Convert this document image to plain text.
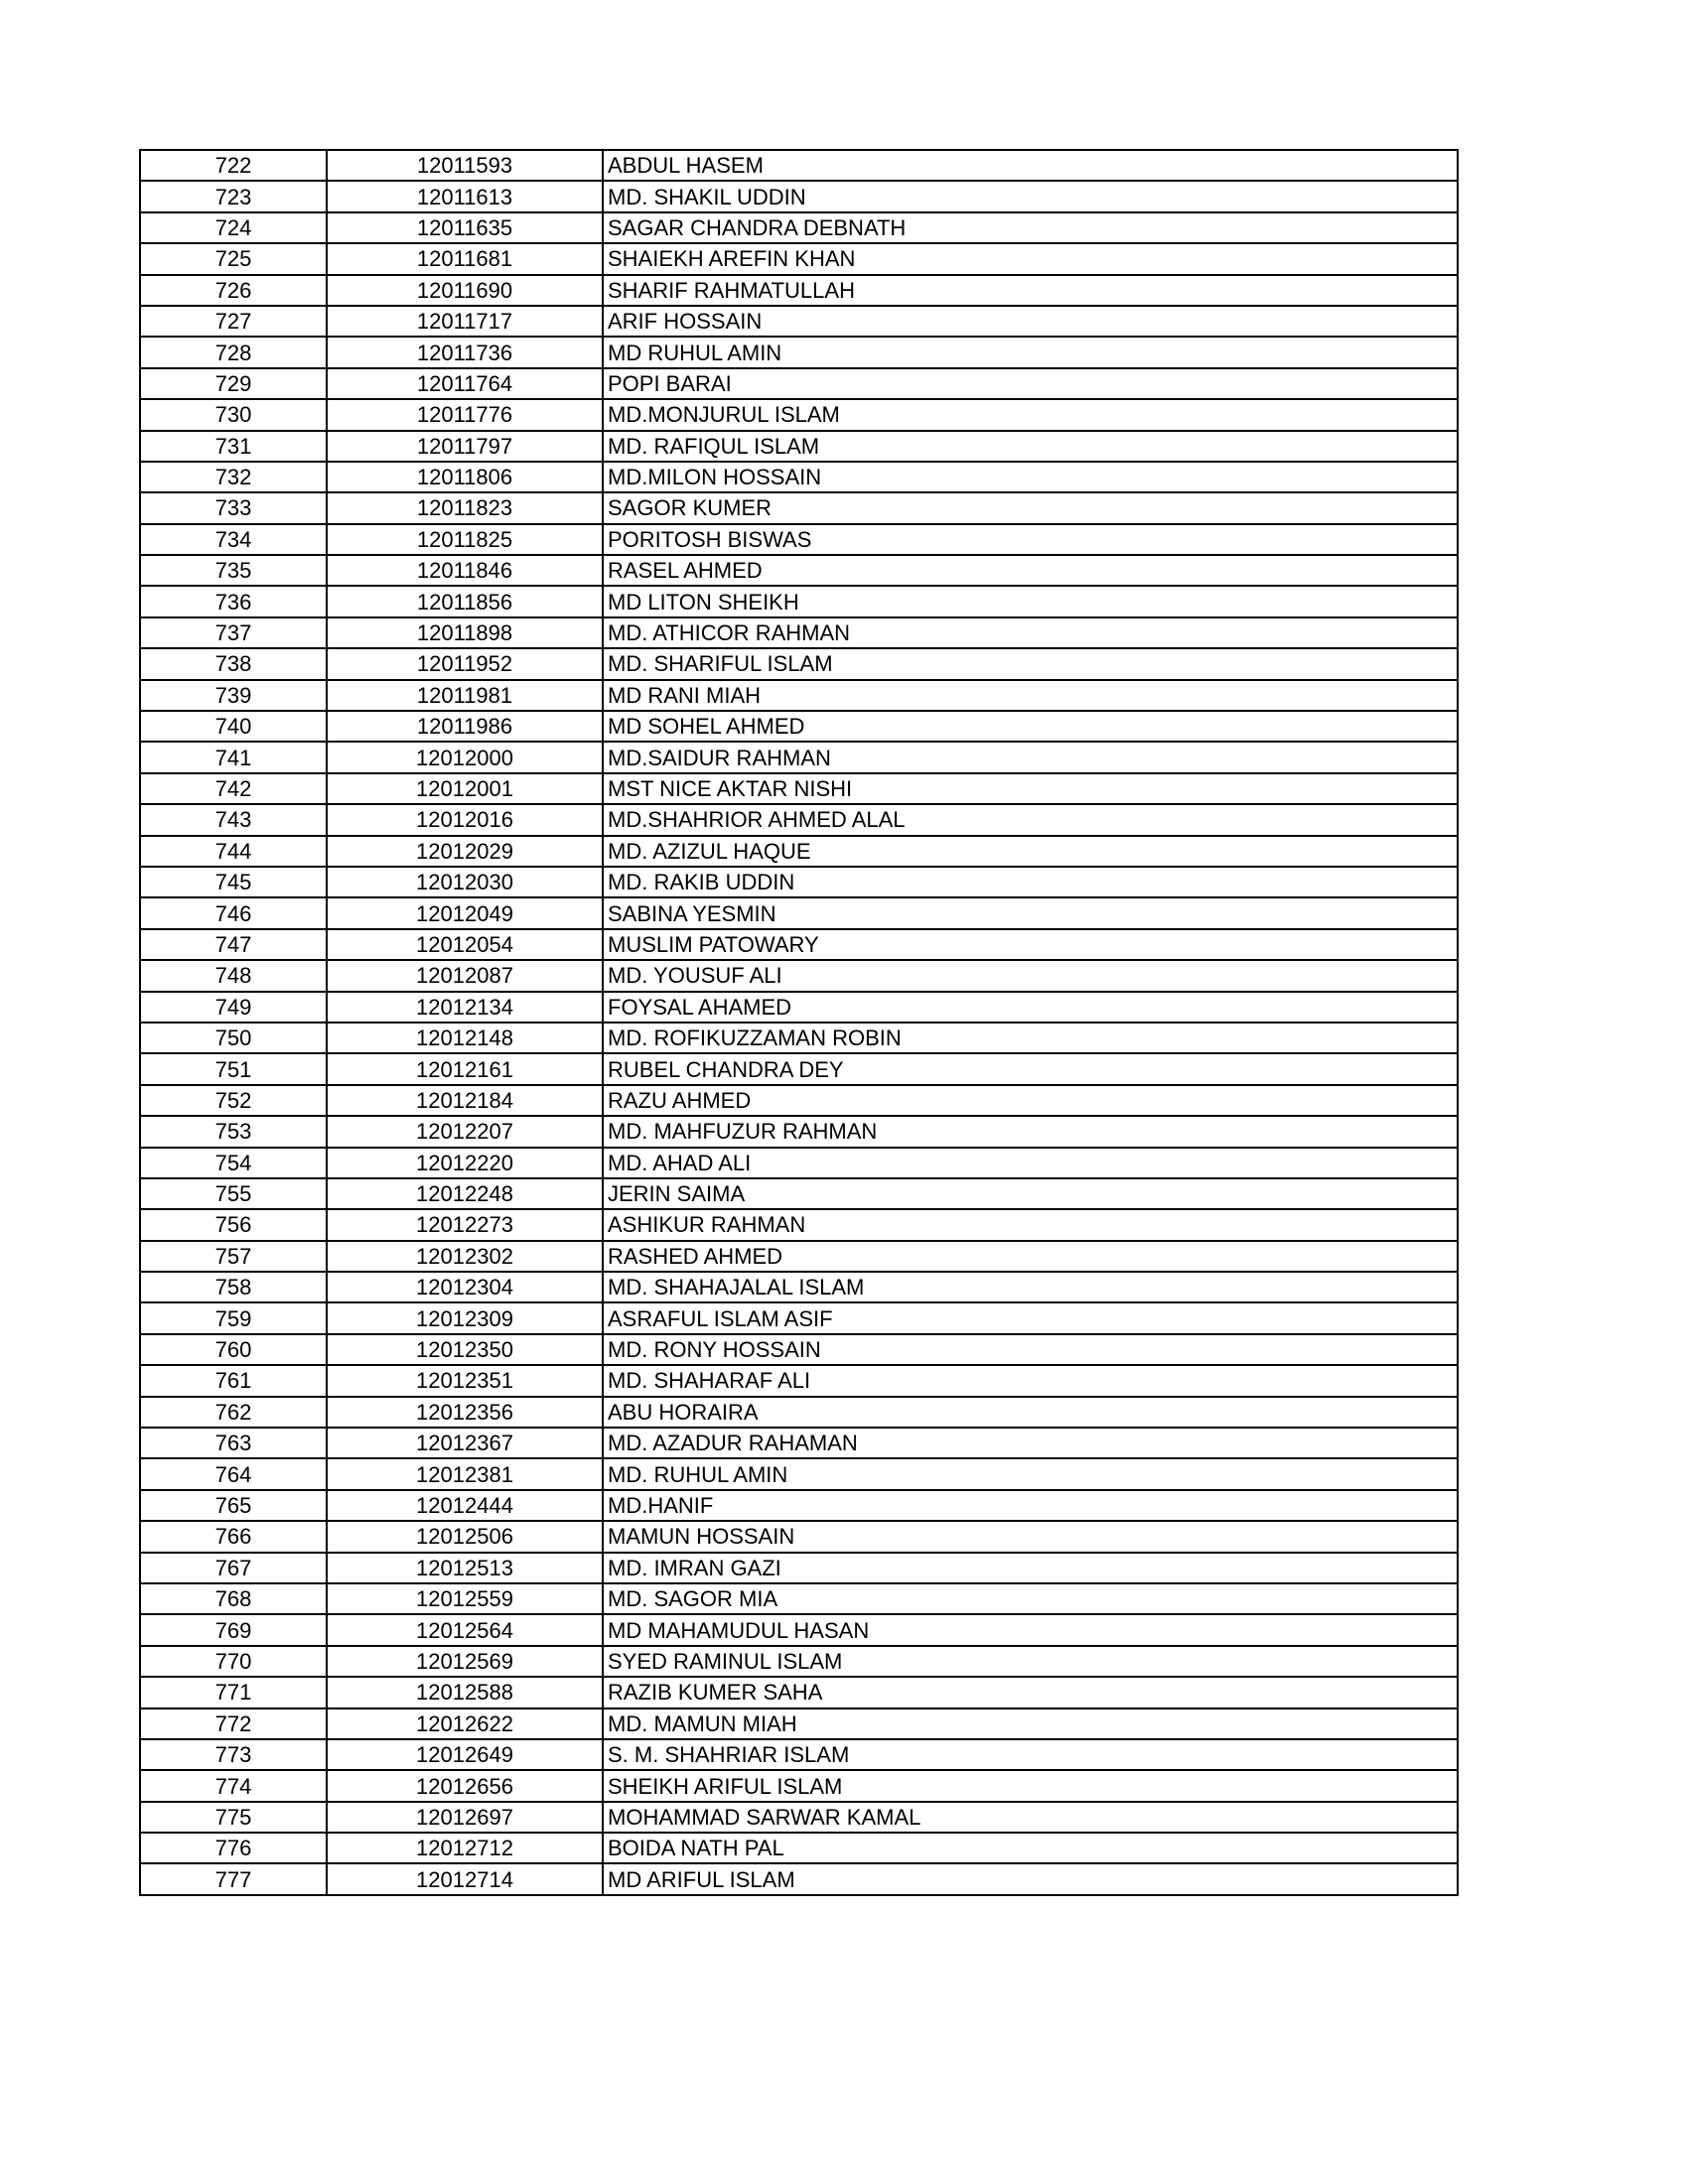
722	12011593	ABDUL HASEM
723	12011613	MD. SHAKIL UDDIN
724	12011635	SAGAR CHANDRA DEBNATH
725	12011681	SHAIEKH AREFIN KHAN
726	12011690	SHARIF RAHMATULLAH
727	12011717	ARIF HOSSAIN
728	12011736	MD RUHUL AMIN
729	12011764	POPI BARAI
730	12011776	MD.MONJURUL ISLAM
731	12011797	MD. RAFIQUL ISLAM
732	12011806	MD.MILON HOSSAIN
733	12011823	SAGOR KUMER
734	12011825	PORITOSH BISWAS
735	12011846	RASEL AHMED
736	12011856	MD LITON SHEIKH
737	12011898	MD. ATHICOR RAHMAN
738	12011952	MD. SHARIFUL ISLAM
739	12011981	MD RANI MIAH
740	12011986	MD SOHEL AHMED
741	12012000	MD.SAIDUR RAHMAN
742	12012001	MST NICE AKTAR NISHI
743	12012016	MD.SHAHRIOR AHMED ALAL
744	12012029	MD. AZIZUL HAQUE
745	12012030	MD. RAKIB UDDIN
746	12012049	SABINA YESMIN
747	12012054	MUSLIM PATOWARY
748	12012087	MD. YOUSUF ALI
749	12012134	FOYSAL AHAMED
750	12012148	MD. ROFIKUZZAMAN ROBIN
751	12012161	RUBEL CHANDRA DEY
752	12012184	RAZU AHMED
753	12012207	MD. MAHFUZUR RAHMAN
754	12012220	MD. AHAD ALI
755	12012248	JERIN SAIMA
756	12012273	ASHIKUR RAHMAN
757	12012302	RASHED AHMED
758	12012304	MD. SHAHAJALAL ISLAM
759	12012309	ASRAFUL ISLAM ASIF
760	12012350	MD. RONY HOSSAIN
761	12012351	MD. SHAHARAF ALI
762	12012356	ABU HORAIRA
763	12012367	MD. AZADUR RAHAMAN
764	12012381	MD. RUHUL AMIN
765	12012444	MD.HANIF
766	12012506	MAMUN HOSSAIN
767	12012513	MD. IMRAN GAZI
768	12012559	MD. SAGOR MIA
769	12012564	MD MAHAMUDUL HASAN
770	12012569	SYED RAMINUL ISLAM
771	12012588	RAZIB KUMER SAHA
772	12012622	MD. MAMUN MIAH
773	12012649	S. M. SHAHRIAR ISLAM
774	12012656	SHEIKH ARIFUL ISLAM
775	12012697	MOHAMMAD SARWAR KAMAL
776	12012712	BOIDA NATH PAL
777	12012714	MD ARIFUL ISLAM
